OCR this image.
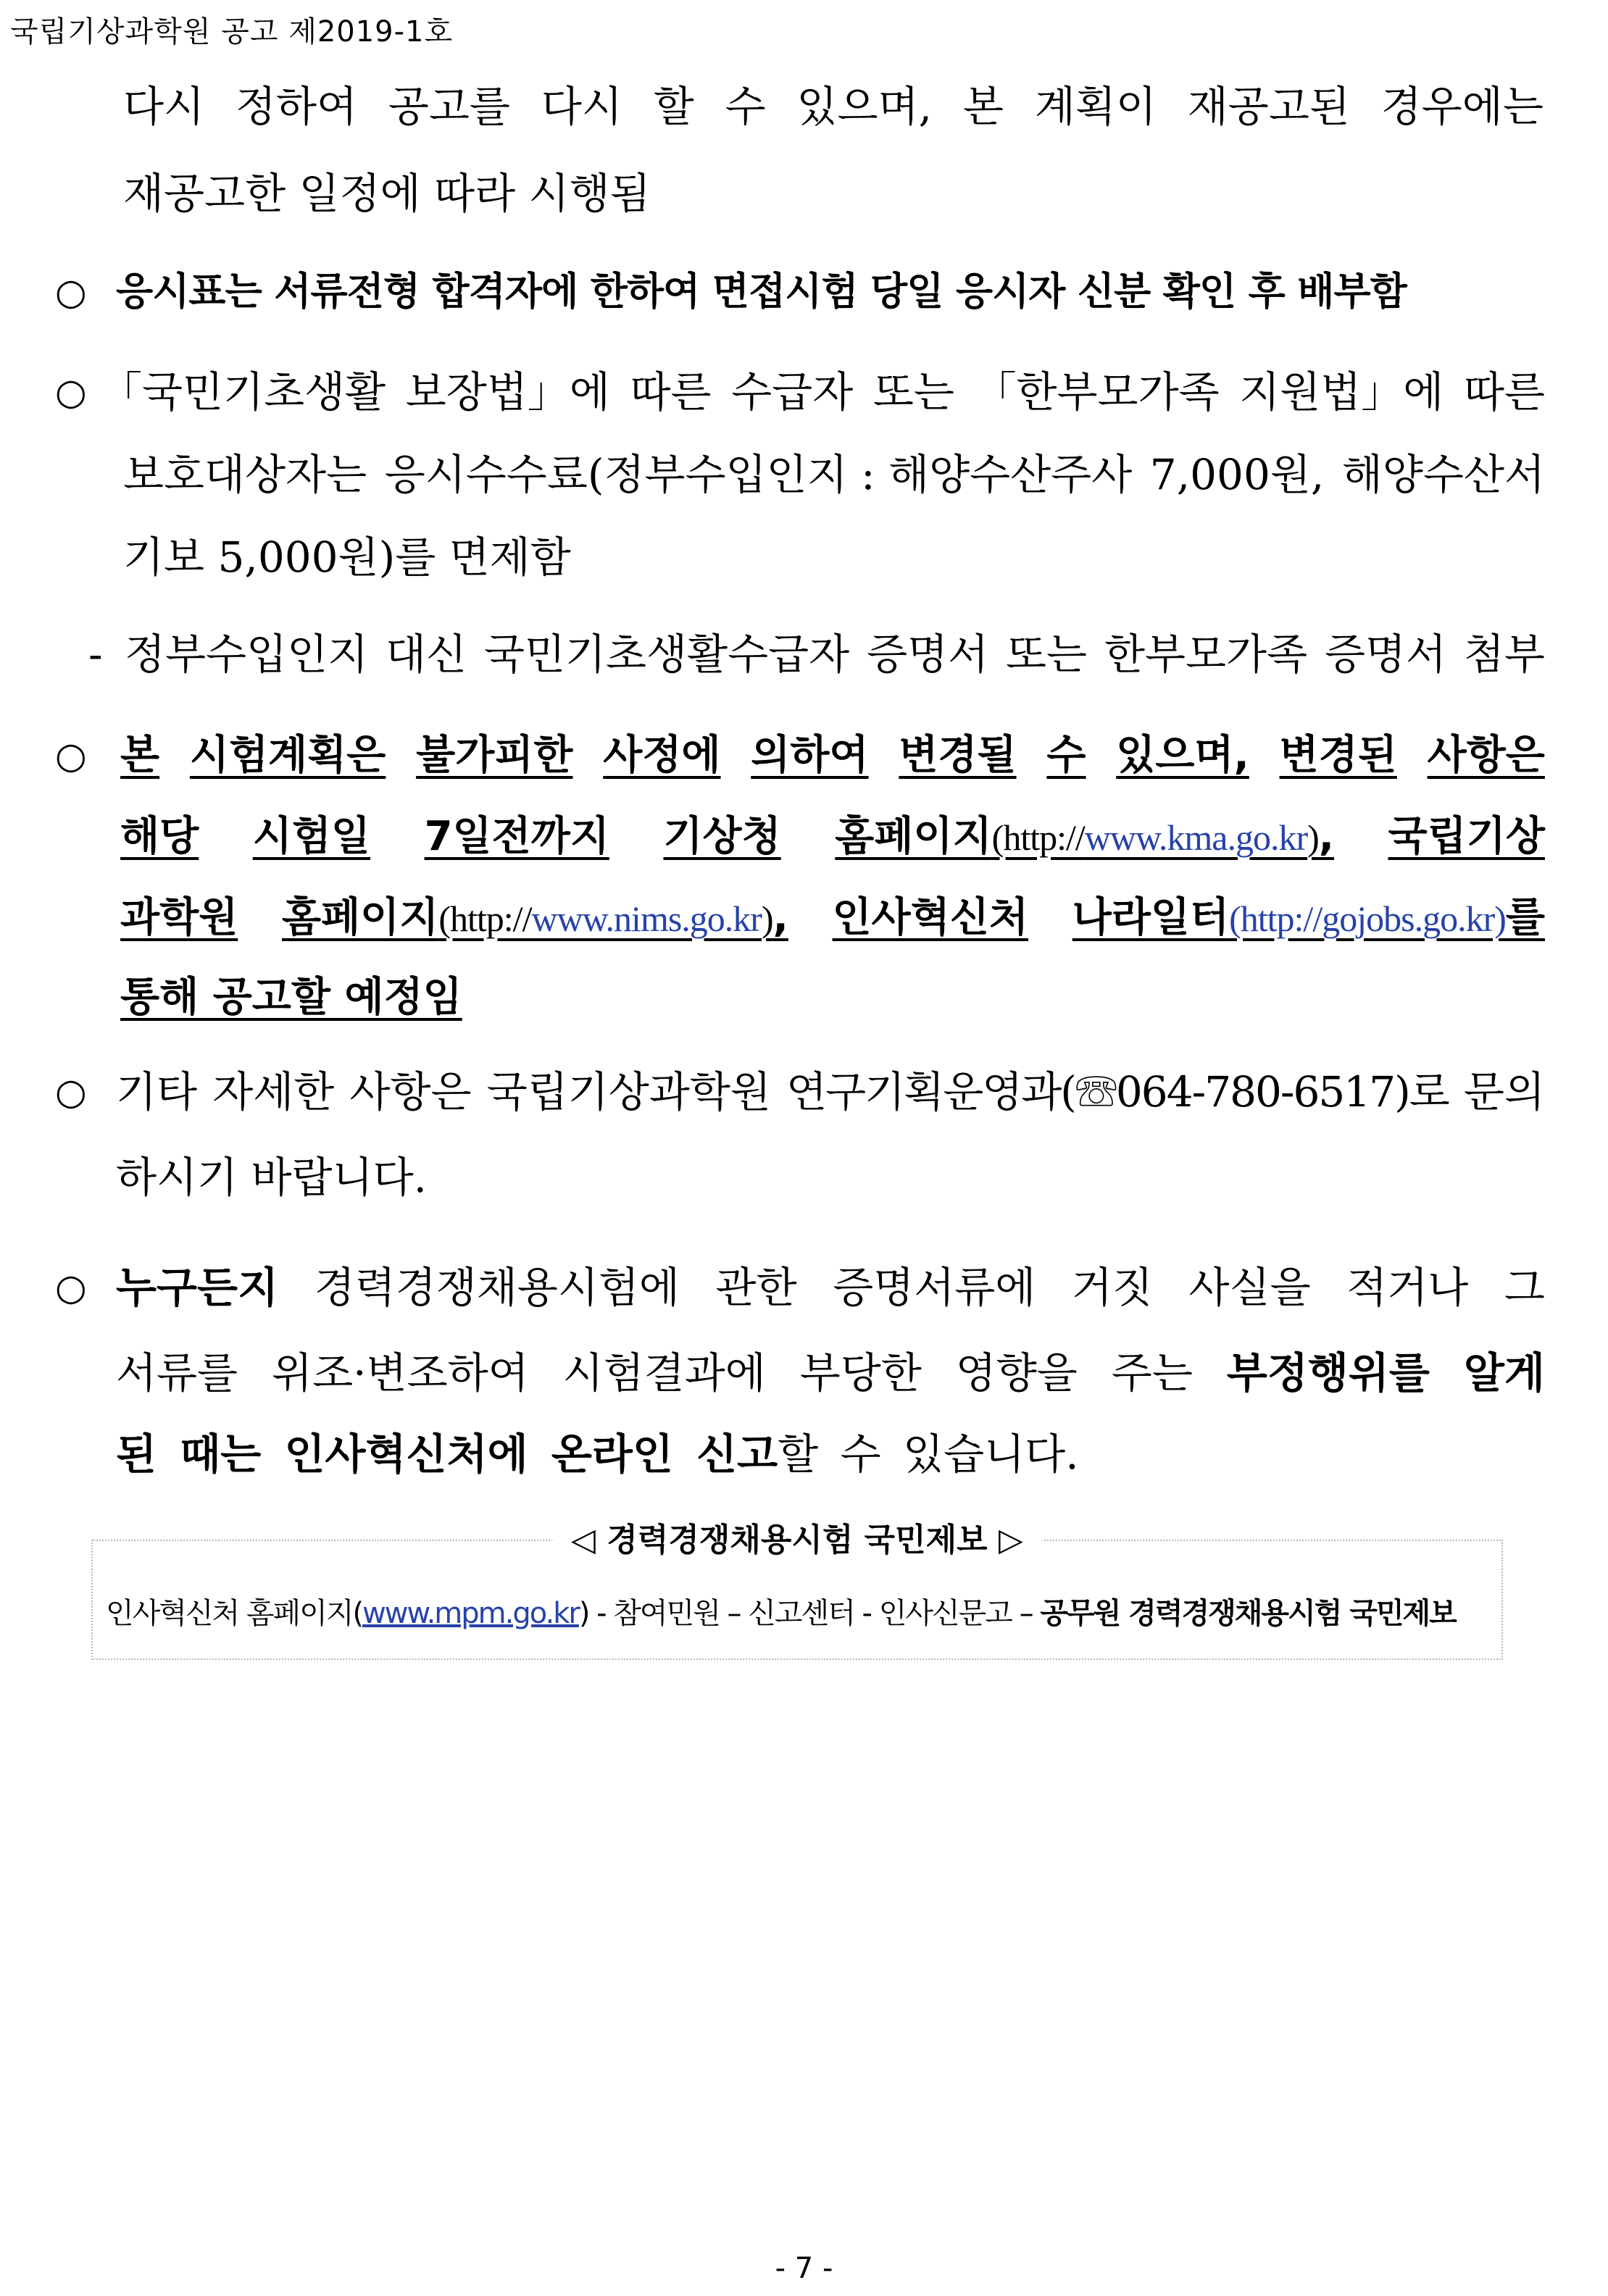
국립기상과학원 공고 제2019-1호
다시 정하여 공고를 다시 할 수 있으며, 본 계획이 재공고된 경우에는
재공고한 일정에 따라 시행됨
○ 응시표는 서류전형 합격자에 한하여 면접시험 당일 응시자 신분 확인 후 배부함
○ 「국민기초생활 보장법」에 따른 수급자 또는 「한부모가족 지원법」에 따른
보호대상자는 응시수수료(정부수입인지 : 해양수산주사 7,000원, 해양수산서
기보 5,000원)를 면제함
- 정부수입인지 대신 국민기초생활수급자 증명서 또는 한부모가족 증명서 첨부
○ 본 시험계획은 불가피한 사정에 의하여 변경될 수 있으며, 변경된 사항은
해당 시험일 7일전까지 기상청 홈페이지(http://www.kma.go.kr), 국립기상
과학원 홈페이지(http://www.nims.go.kr), 인사혁신처 나라일터(http://gojobs.go.kr)를
통해 공고할 예정임
○ 기타 자세한 사항은 국립기상과학원 연구기획운영과(☏064-780-6517)로 문의
하시기 바랍니다.
○ 누구든지 경력경쟁채용시험에 관한 증명서류에 거짓 사실을 적거나 그
서류를 위조·변조하여 시험결과에 부당한 영향을 주는 부정행위를 알게
된 때는 인사혁신처에 온라인 신고할 수 있습니다.
◁ 경력경쟁채용시험 국민제보 ▷
인사혁신처 홈페이지(www.mpm.go.kr) - 참여민원 – 신고센터 - 인사신문고 – 공무원 경력경쟁채용시험 국민제보
- 7 -
